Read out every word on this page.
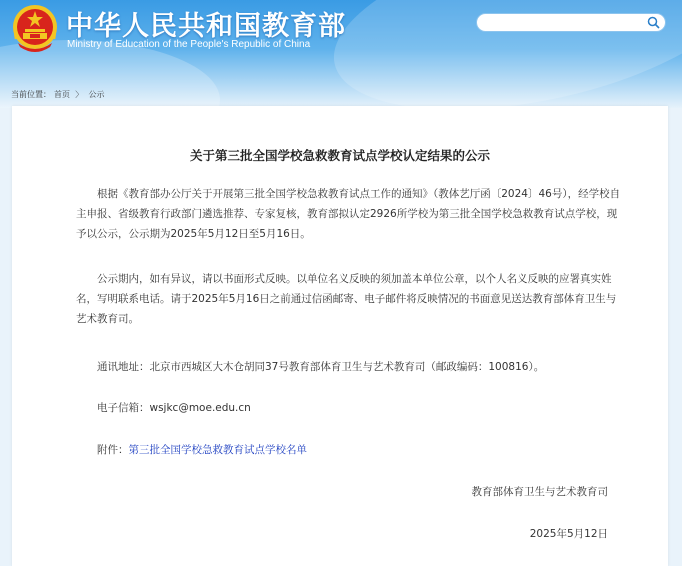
中华人民共和国教育部
Ministry of Education of the People's Republic of China
当前位置： 首页 〉 公示
关于第三批全国学校急救教育试点学校认定结果的公示

根据《教育部办公厅关于开展第三批全国学校急救教育试点工作的通知》（教体艺厅函〔2024〕46号），经学校自主申报、省级教育行政部门遴选推荐、专家复核，教育部拟认定2926所学校为第三批全国学校急救教育试点学校，现予以公示，公示期为2025年5月12日至5月16日。

公示期内，如有异议，请以书面形式反映。以单位名义反映的须加盖本单位公章，以个人名义反映的应署真实姓名，写明联系电话。请于2025年5月16日之前通过信函邮寄、电子邮件将反映情况的书面意见送达教育部体育卫生与艺术教育司。

通讯地址：北京市西城区大木仓胡同37号教育部体育卫生与艺术教育司（邮政编码：100816）。
电子信箱：wsjkc@moe.edu.cn
附件：第三批全国学校急救教育试点学校名单
教育部体育卫生与艺术教育司
2025年5月12日
